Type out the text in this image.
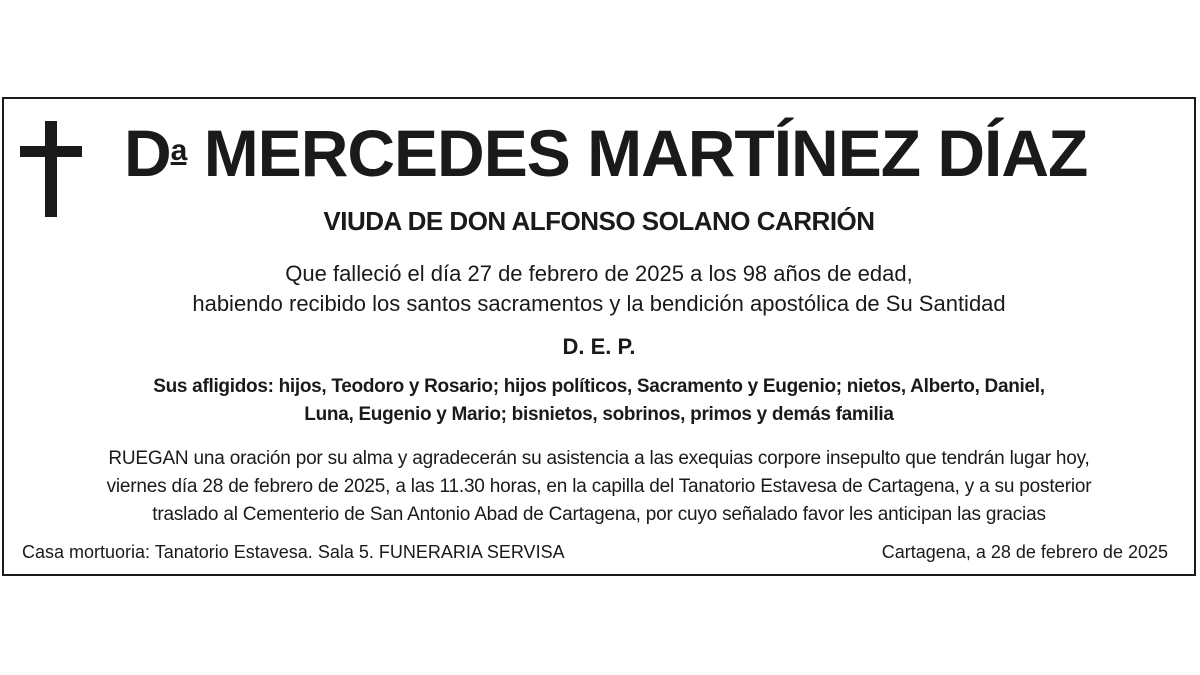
$D^a$ MERCEDES MARTÍNEZ DÍAZ
VIUDA DE DON ALFONSO SOLANO CARRIÓN
Que falleció el día 27 de febrero de 2025 a los 98 años de edad,
habiendo recibido los santos sacramentos y la bendición apostólica de Su Santidad
D. E. P.
Sus afligidos: hijos, Teodoro y Rosario; hijos políticos, Sacramento y Eugenio; nietos, Alberto, Daniel,
Luna, Eugenio y Mario; bisnietos, sobrinos, primos y demás familia
RUEGAN una oración por su alma y agradecerán su asistencia a las exequias corpore insepulto que tendrán lugar hoy,
viernes día 28 de febrero de 2025, a las 11.30 horas, en la capilla del Tanatorio Estavesa de Cartagena, y a su posterior
traslado al Cementerio de San Antonio Abad de Cartagena, por cuyo señalado favor les anticipan las gracias
Casa mortuoria: Tanatorio Estavesa. Sala 5. FUNERARIA SERVISA	Cartagena, a 28 de febrero de 2025
